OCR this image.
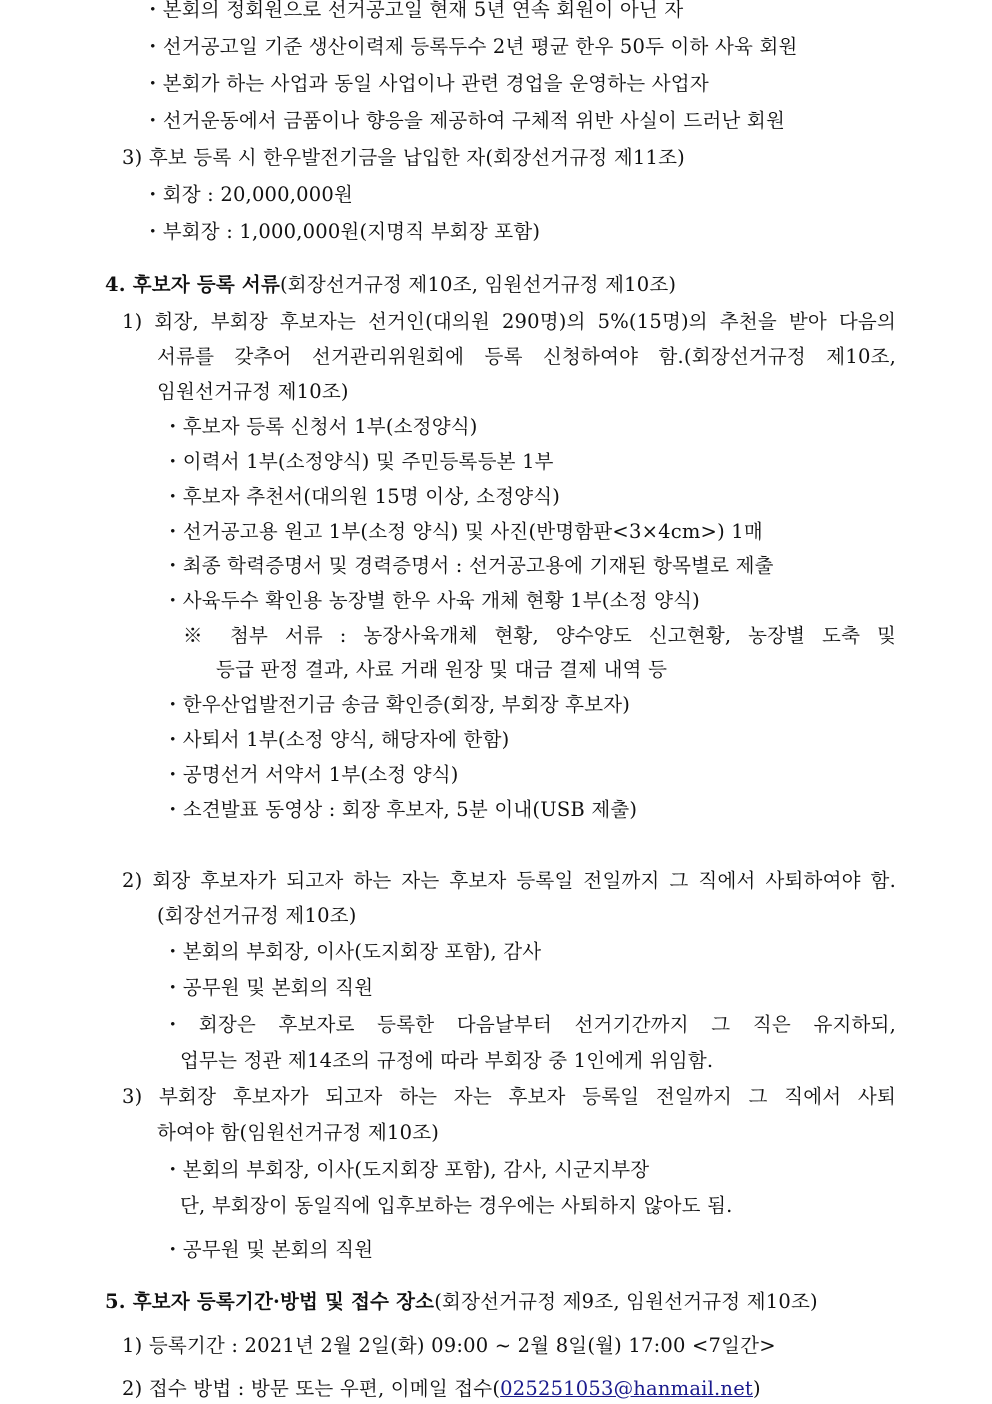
・본회의 정회원으로 선거공고일 현재 5년 연속 회원이 아닌 자
・선거공고일 기준 생산이력제 등록두수 2년 평균 한우 50두 이하 사육 회원
・본회가 하는 사업과 동일 사업이나 관련 경업을 운영하는 사업자
・선거운동에서 금품이나 향응을 제공하여 구체적 위반 사실이 드러난 회원
3) 후보 등록 시 한우발전기금을 납입한 자(회장선거규정 제11조)
・회장 : 20,000,000원
・부회장 : 1,000,000원(지명직 부회장 포함)
4. 후보자 등록 서류(회장선거규정 제10조, 임원선거규정 제10조)
1) 회장, 부회장 후보자는 선거인(대의원 290명)의 5%(15명)의 추천을 받아 다음의
서류를 갖추어 선거관리위원회에 등록 신청하여야 함.(회장선거규정 제10조,
임원선거규정 제10조)
・후보자 등록 신청서 1부(소정양식)
・이력서 1부(소정양식) 및 주민등록등본 1부
・후보자 추천서(대의원 15명 이상, 소정양식)
・선거공고용 원고 1부(소정 양식) 및 사진(반명함판<3×4cm>) 1매
・최종 학력증명서 및 경력증명서 : 선거공고용에 기재된 항목별로 제출
・사육두수 확인용 농장별 한우 사육 개체 현황 1부(소정 양식)
※ 첨부 서류 : 농장사육개체 현황, 양수양도 신고현황, 농장별 도축 및
등급 판정 결과, 사료 거래 원장 및 대금 결제 내역 등
・한우산업발전기금 송금 확인증(회장, 부회장 후보자)
・사퇴서 1부(소정 양식, 해당자에 한함)
・공명선거 서약서 1부(소정 양식)
・소견발표 동영상 : 회장 후보자, 5분 이내(USB 제출)
2) 회장 후보자가 되고자 하는 자는 후보자 등록일 전일까지 그 직에서 사퇴하여야 함.
(회장선거규정 제10조)
・본회의 부회장, 이사(도지회장 포함), 감사
・공무원 및 본회의 직원
・회장은 후보자로 등록한 다음날부터 선거기간까지 그 직은 유지하되,
업무는 정관 제14조의 규정에 따라 부회장 중 1인에게 위임함.
3) 부회장 후보자가 되고자 하는 자는 후보자 등록일 전일까지 그 직에서 사퇴
하여야 함(임원선거규정 제10조)
・본회의 부회장, 이사(도지회장 포함), 감사, 시군지부장
단, 부회장이 동일직에 입후보하는 경우에는 사퇴하지 않아도 됨.
・공무원 및 본회의 직원
5. 후보자 등록기간·방법 및 접수 장소(회장선거규정 제9조, 임원선거규정 제10조)
1) 등록기간 : 2021년 2월 2일(화) 09:00 ~ 2월 8일(월) 17:00 <7일간>
2) 접수 방법 : 방문 또는 우편, 이메일 접수(025251053@hanmail.net)
